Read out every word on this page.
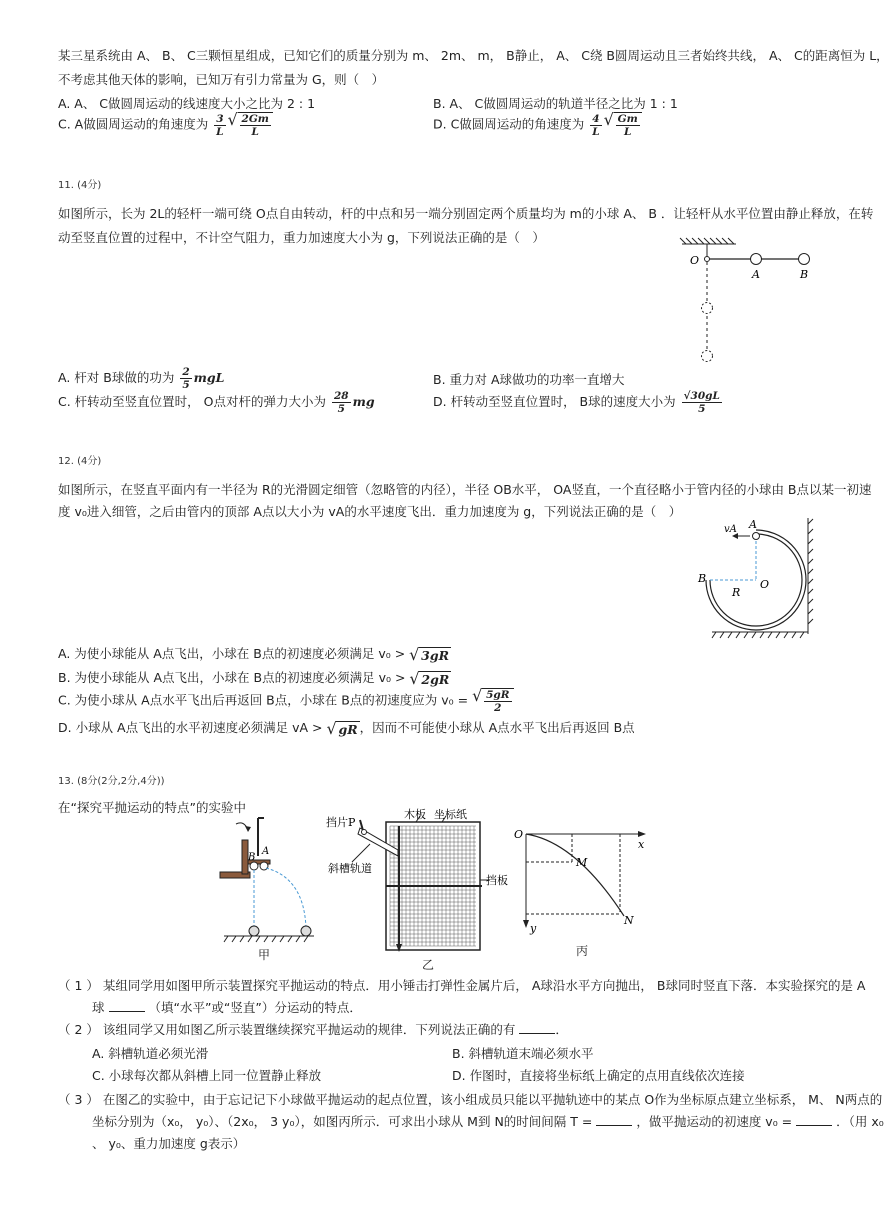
某三星系统由 A、 B、 C三颗恒星组成，已知它们的质量分别为 m、 2m、 m， B静止， A、 C绕 B圆周运动且三者始终共线， A、 C的距离恒为 L，
不考虑其他天体的影响，已知万有引力常量为 G，则（　）
A. A、 C做圆周运动的线速度大小之比为 2 : 1	B. A、 C做圆周运动的轨道半径之比为 1 : 1
C. A做圆周运动的角速度为 $\frac{3}{L}$ √ $\frac{2Gm}{L}$	D. C做圆周运动的角速度为 $\frac{4}{L}$ √ $\frac{Gm}{L}$
11. (4分)
如图所示，长为 2L的轻杆一端可绕 O点自由转动，杆的中点和另一端分别固定两个质量均为 m的小球 A、 B ．让轻杆从水平位置由静止释放，在转
动至竖直位置的过程中，不计空气阻力，重力加速度大小为 g，下列说法正确的是（　）
O
A	B
A. 杆对 B球做的功为 $\frac{2}{5}$ mgL	B. 重力对 A球做功的功率一直增大
C. 杆转动至竖直位置时， O点对杆的弹力大小为 $\frac{28}{5}$ mg	D. 杆转动至竖直位置时， B球的速度大小为 $\frac{√30gL}{5}$
12. (4分)
如图所示，在竖直平面内有一半径为 R的光滑圆定细管（忽略管的内径），半径 OB水平， OA竖直，一个直径略小于管内径的小球由 B点以某一初速
度 v₀进入细管，之后由管内的顶部 A点以大小为 vA的水平速度飞出．重力加速度为 g，下列说法正确的是（　）
vA A
B	O
R
A. 为使小球能从 A点飞出，小球在 B点的初速度必须满足 v₀ > √ 3gR
B. 为使小球能从 A点飞出，小球在 B点的初速度必须满足 v₀ > √ 2gR
C. 为使小球从 A点水平飞出后再返回 B点，小球在 B点的初速度应为 v₀ = √ $\frac{5gR}{2}$
D. 小球从 A点飞出的水平初速度必须满足 vA > √ gR ，因而不可能使小球从 A点水平飞出后再返回 B点
13. (8分(2分,2分,4分))
在“探究平抛运动的特点”的实验中
B
A
甲
挡片P
木板 坐标纸
斜槽轨道
挡板
乙
O
x
y
M
N
丙
（ 1 ） 某组同学用如图甲所示装置探究平抛运动的特点．用小锤击打弹性金属片后， A球沿水平方向抛出， B球同时竖直下落．本实验探究的是 A
球	（填“水平”或“竖直”）分运动的特点．
（ 2 ） 该组同学又用如图乙所示装置继续探究平抛运动的规律．下列说法正确的有	．
A. 斜槽轨道必须光滑	B. 斜槽轨道末端必须水平
C. 小球每次都从斜槽上同一位置静止释放	D. 作图时，直接将坐标纸上确定的点用直线依次连接
（ 3 ） 在图乙的实验中，由于忘记记下小球做平抛运动的起点位置，该小组成员只能以平抛轨迹中的某点 O作为坐标原点建立坐标系， M、 N两点的
坐标分别为（x₀， y₀）、（2x₀， 3 y₀），如图丙所示．可求出小球从 M到 N的时间间隔 T =	，做平抛运动的初速度 v₀ =	．（用 x₀
、 y₀、重力加速度 g表示）
